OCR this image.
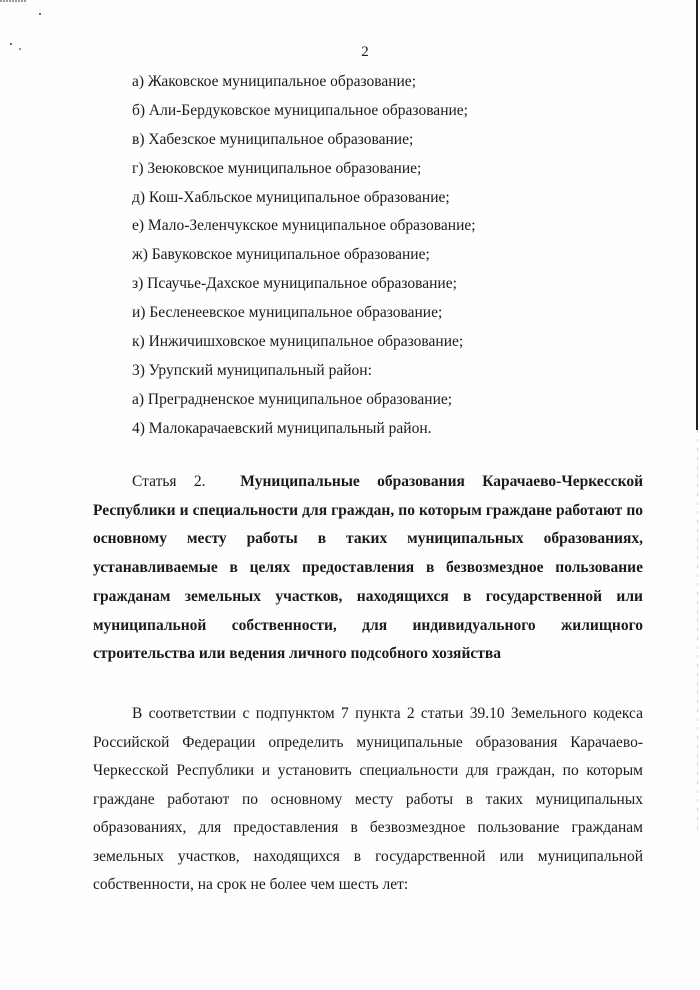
2
а) Жаковское муниципальное образование;
б) Али-Бердуковское муниципальное образование;
в) Хабезское муниципальное образование;
г) Зеюковское муниципальное образование;
д) Кош-Хабльское муниципальное образование;
е) Мало-Зеленчукское муниципальное образование;
ж) Бавуковское муниципальное образование;
з) Псаучье-Дахское муниципальное образование;
и) Бесленеевское муниципальное образование;
к) Инжичишховское муниципальное образование;
3) Урупский муниципальный район:
а) Преградненское муниципальное образование;
4) Малокарачаевский муниципальный район.

Статья 2. Муниципальные образования Карачаево-Черкесской Республики и специальности для граждан, по которым граждане работают по основному месту работы в таких муниципальных образованиях, устанавливаемые в целях предоставления в безвозмездное пользование гражданам земельных участков, находящихся в государственной или муниципальной собственности, для индивидуального жилищного строительства или ведения личного подсобного хозяйства

В соответствии с подпунктом 7 пункта 2 статьи 39.10 Земельного кодекса Российской Федерации определить муниципальные образования Карачаево-Черкесской Республики и установить специальности для граждан, по которым граждане работают по основному месту работы в таких муниципальных образованиях, для предоставления в безвозмездное пользование гражданам земельных участков, находящихся в государственной или муниципальной собственности, на срок не более чем шесть лет:
